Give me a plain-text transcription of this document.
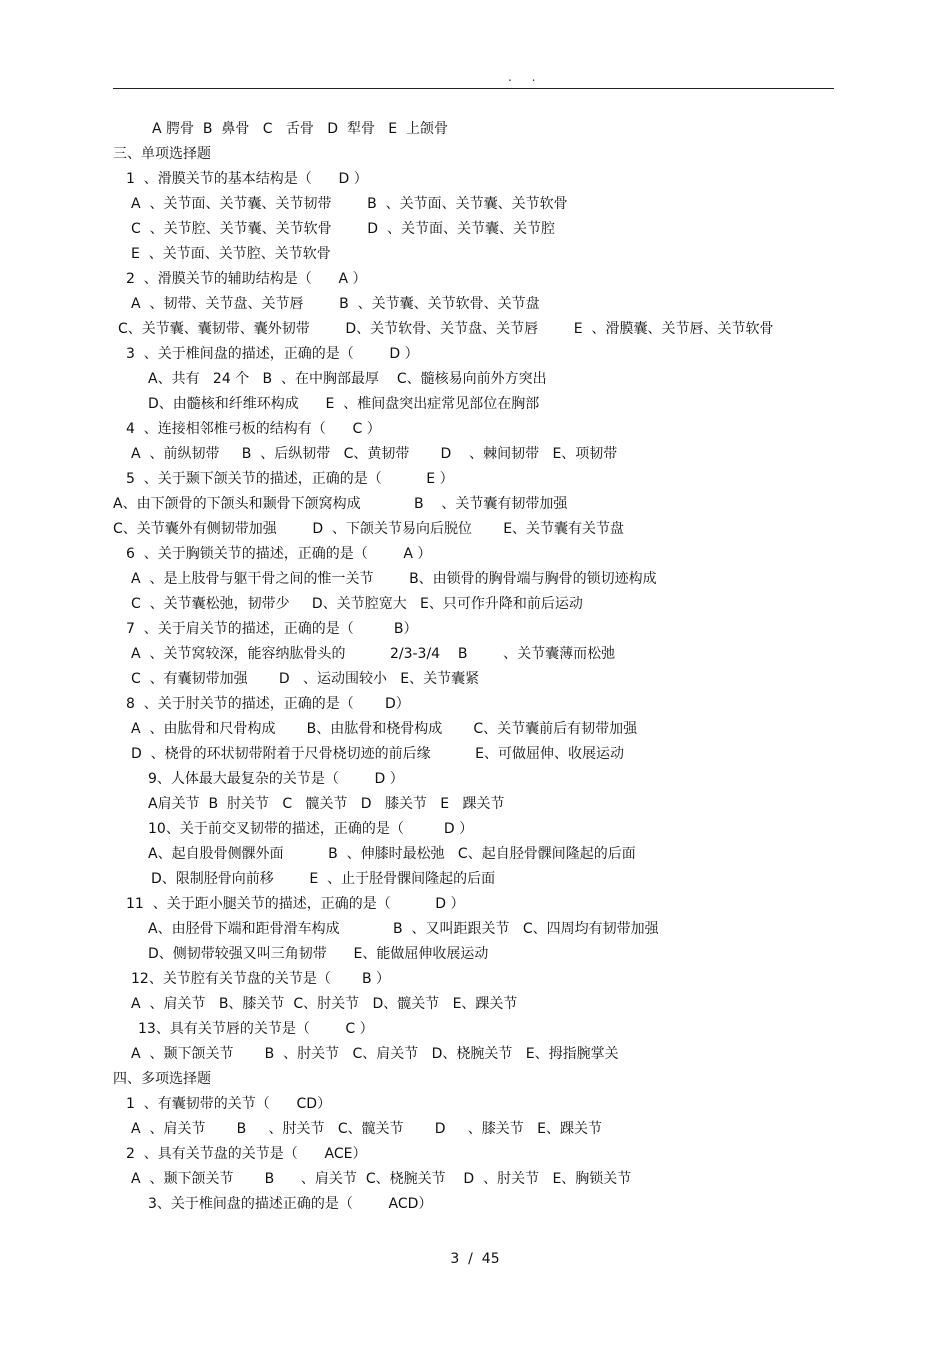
. .
A 腭骨  B  鼻骨   C   舌骨   D  犁骨   E  上颌骨
三、单项选择题
1  、滑膜关节的基本结构是（      D ）
A  、关节面、关节囊、关节韧带        B  、关节面、关节囊、关节软骨
C  、关节腔、关节囊、关节软骨        D  、关节面、关节囊、关节腔
E  、关节面、关节腔、关节软骨
2  、滑膜关节的辅助结构是（      A ）
A  、韧带、关节盘、关节唇        B  、关节囊、关节软骨、关节盘
C、关节囊、囊韧带、囊外韧带        D、关节软骨、关节盘、关节唇        E  、滑膜囊、关节唇、关节软骨
3  、关于椎间盘的描述，正确的是（        D ）
A、共有   24 个   B  、在中胸部最厚    C、髓核易向前外方突出
D、由髓核和纤维环构成      E  、椎间盘突出症常见部位在胸部
4  、连接相邻椎弓板的结构有（      C ）
A  、前纵韧带     B  、后纵韧带   C、黄韧带       D    、棘间韧带   E、项韧带
5  、关于颞下颌关节的描述，正确的是（          E ）
A、由下颌骨的下颌头和颞骨下颌窝构成            B    、关节囊有韧带加强
C、关节囊外有侧韧带加强        D  、下颌关节易向后脱位       E、关节囊有关节盘
6  、关于胸锁关节的描述，正确的是（        A ）
A  、是上肢骨与躯干骨之间的惟一关节        B、由锁骨的胸骨端与胸骨的锁切迹构成
C  、关节囊松弛，韧带少     D、关节腔宽大   E、只可作升降和前后运动
7  、关于肩关节的描述，正确的是（         B）
A  、关节窝较深，能容纳肱骨头的          2/3-3/4    B        、关节囊薄而松弛
C  、有囊韧带加强       D   、运动围较小   E、关节囊紧
8  、关于肘关节的描述，正确的是（       D）
A  、由肱骨和尺骨构成       B、由肱骨和桡骨构成       C、关节囊前后有韧带加强
D  、桡骨的环状韧带附着于尺骨桡切迹的前后缘          E、可做屈伸、收展运动
9、人体最大最复杂的关节是（        D ）
A肩关节  B  肘关节   C   髋关节   D   膝关节   E   踝关节
10、关于前交叉韧带的描述，正确的是（         D ）
A、起自股骨侧髁外面          B  、伸膝时最松弛   C、起自胫骨髁间隆起的后面
D、限制胫骨向前移        E  、止于胫骨髁间隆起的后面
11  、关于距小腿关节的描述，正确的是（          D ）
A、由胫骨下端和距骨滑车构成            B  、又叫距跟关节   C、四周均有韧带加强
D、侧韧带较强又叫三角韧带      E、能做屈伸收展运动
12、关节腔有关节盘的关节是（       B ）
A  、肩关节   B、膝关节  C、肘关节   D、髋关节   E、踝关节
13、具有关节唇的关节是（        C ）
A  、颞下颌关节       B  、肘关节   C、肩关节   D、桡腕关节   E、拇指腕掌关
四、多项选择题
1  、有囊韧带的关节（      CD）
A  、肩关节       B     、肘关节   C、髋关节       D     、膝关节   E、踝关节
2  、具有关节盘的关节是（      ACE）
A  、颞下颌关节       B      、肩关节  C、桡腕关节    D  、肘关节   E、胸锁关节
3、关于椎间盘的描述正确的是（        ACD）
3  /  45
